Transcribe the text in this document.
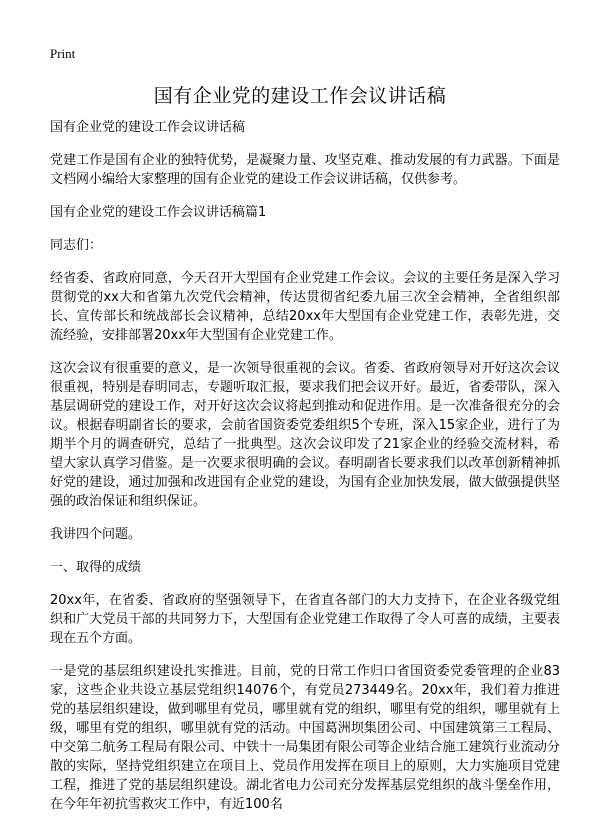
Print
国有企业党的建设工作会议讲话稿

国有企业党的建设工作会议讲话稿

党建工作是国有企业的独特优势，是凝聚力量、攻坚克难、推动发展的有力武器。下面是文档网小编给大家整理的国有企业党的建设工作会议讲话稿，仅供参考。

国有企业党的建设工作会议讲话稿篇1

同志们：

经省委、省政府同意，今天召开大型国有企业党建工作会议。会议的主要任务是深入学习贯彻党的xx大和省第九次党代会精神，传达贯彻省纪委九届三次全会精神，全省组织部长、宣传部长和统战部长会议精神，总结20xx年大型国有企业党建工作，表彰先进，交流经验，安排部署20xx年大型国有企业党建工作。

这次会议有很重要的意义，是一次领导很重视的会议。省委、省政府领导对开好这次会议很重视，特别是春明同志，专题听取汇报，要求我们把会议开好。最近，省委带队，深入基层调研党的建设工作，对开好这次会议将起到推动和促进作用。是一次准备很充分的会议。根据春明副省长的要求，会前省国资委党委组织5个专班，深入15家企业，进行了为期半个月的调查研究，总结了一批典型。这次会议印发了21家企业的经验交流材料，希望大家认真学习借鉴。是一次要求很明确的会议。春明副省长要求我们以改革创新精神抓好党的建设，通过加强和改进国有企业党的建设，为国有企业加快发展，做大做强提供坚强的政治保证和组织保证。

我讲四个问题。

一、取得的成绩

20xx年，在省委、省政府的坚强领导下，在省直各部门的大力支持下，在企业各级党组织和广大党员干部的共同努力下，大型国有企业党建工作取得了令人可喜的成绩，主要表现在五个方面。

一是党的基层组织建设扎实推进。目前，党的日常工作归口省国资委党委管理的企业83家，这些企业共设立基层党组织14076个，有党员273449名。20xx年，我们着力推进党的基层组织建设，做到哪里有党员，哪里就有党的组织，哪里有党的组织，哪里就有上级，哪里有党的组织，哪里就有党的活动。中国葛洲坝集团公司、中国建筑第三工程局、中交第二航务工程局有限公司、中铁十一局集团有限公司等企业结合施工建筑行业流动分散的实际，坚持党组织建立在项目上、党员作用发挥在项目上的原则，大力实施项目党建工程，推进了党的基层组织建设。湖北省电力公司充分发挥基层党组织的战斗堡垒作用，在今年年初抗雪救灾工作中，有近100名
